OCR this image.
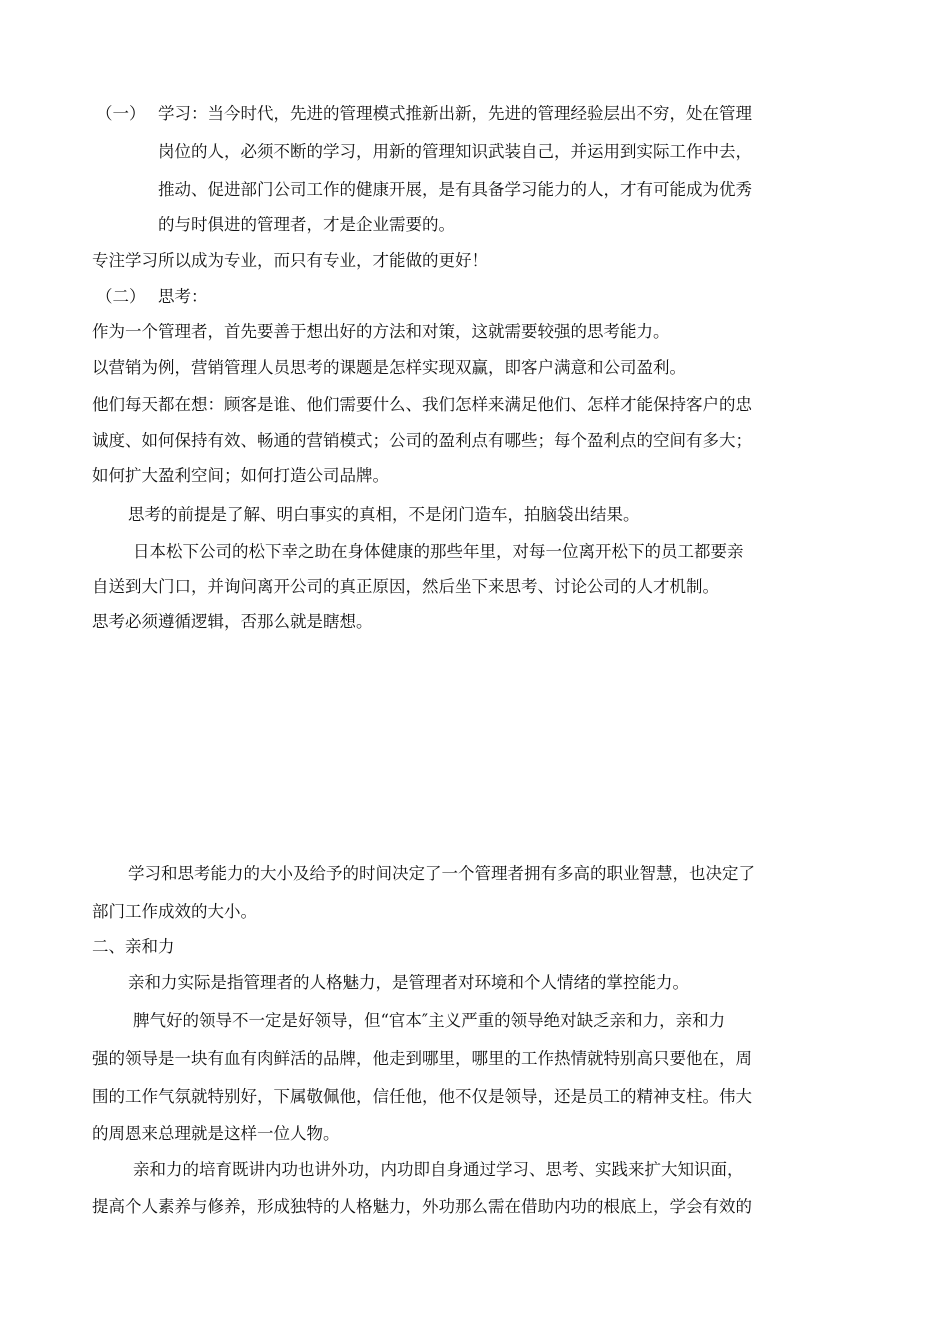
（一） 学习：当今时代，先进的管理模式推新出新，先进的管理经验层出不穷，处在管理
岗位的人，必须不断的学习，用新的管理知识武装自己，并运用到实际工作中去，
推动、促进部门公司工作的健康开展，是有具备学习能力的人，才有可能成为优秀
的与时俱进的管理者，才是企业需要的。
专注学习所以成为专业，而只有专业，才能做的更好！
（二） 思考：
作为一个管理者，首先要善于想出好的方法和对策，这就需要较强的思考能力。
以营销为例，营销管理人员思考的课题是怎样实现双赢，即客户满意和公司盈利。
他们每天都在想：顾客是谁、他们需要什么、我们怎样来满足他们、怎样才能保持客户的忠
诚度、如何保持有效、畅通的营销模式；公司的盈利点有哪些；每个盈利点的空间有多大；
如何扩大盈利空间；如何打造公司品牌。
思考的前提是了解、明白事实的真相，不是闭门造车，拍脑袋出结果。
日本松下公司的松下幸之助在身体健康的那些年里，对每一位离开松下的员工都要亲
自送到大门口，并询问离开公司的真正原因，然后坐下来思考、讨论公司的人才机制。
思考必须遵循逻辑，否那么就是瞎想。
学习和思考能力的大小及给予的时间决定了一个管理者拥有多高的职业智慧，也决定了
部门工作成效的大小。
二、亲和力
亲和力实际是指管理者的人格魅力，是管理者对环境和个人情绪的掌控能力。
脾气好的领导不一定是好领导，但“官本″主义严重的领导绝对缺乏亲和力，亲和力
强的领导是一块有血有肉鲜活的品牌，他走到哪里，哪里的工作热情就特别高只要他在，周
围的工作气氛就特别好，下属敬佩他，信任他，他不仅是领导，还是员工的精神支柱。伟大
的周恩来总理就是这样一位人物。
亲和力的培育既讲内功也讲外功，内功即自身通过学习、思考、实践来扩大知识面，
提高个人素养与修养，形成独特的人格魅力，外功那么需在借助内功的根底上，学会有效的
